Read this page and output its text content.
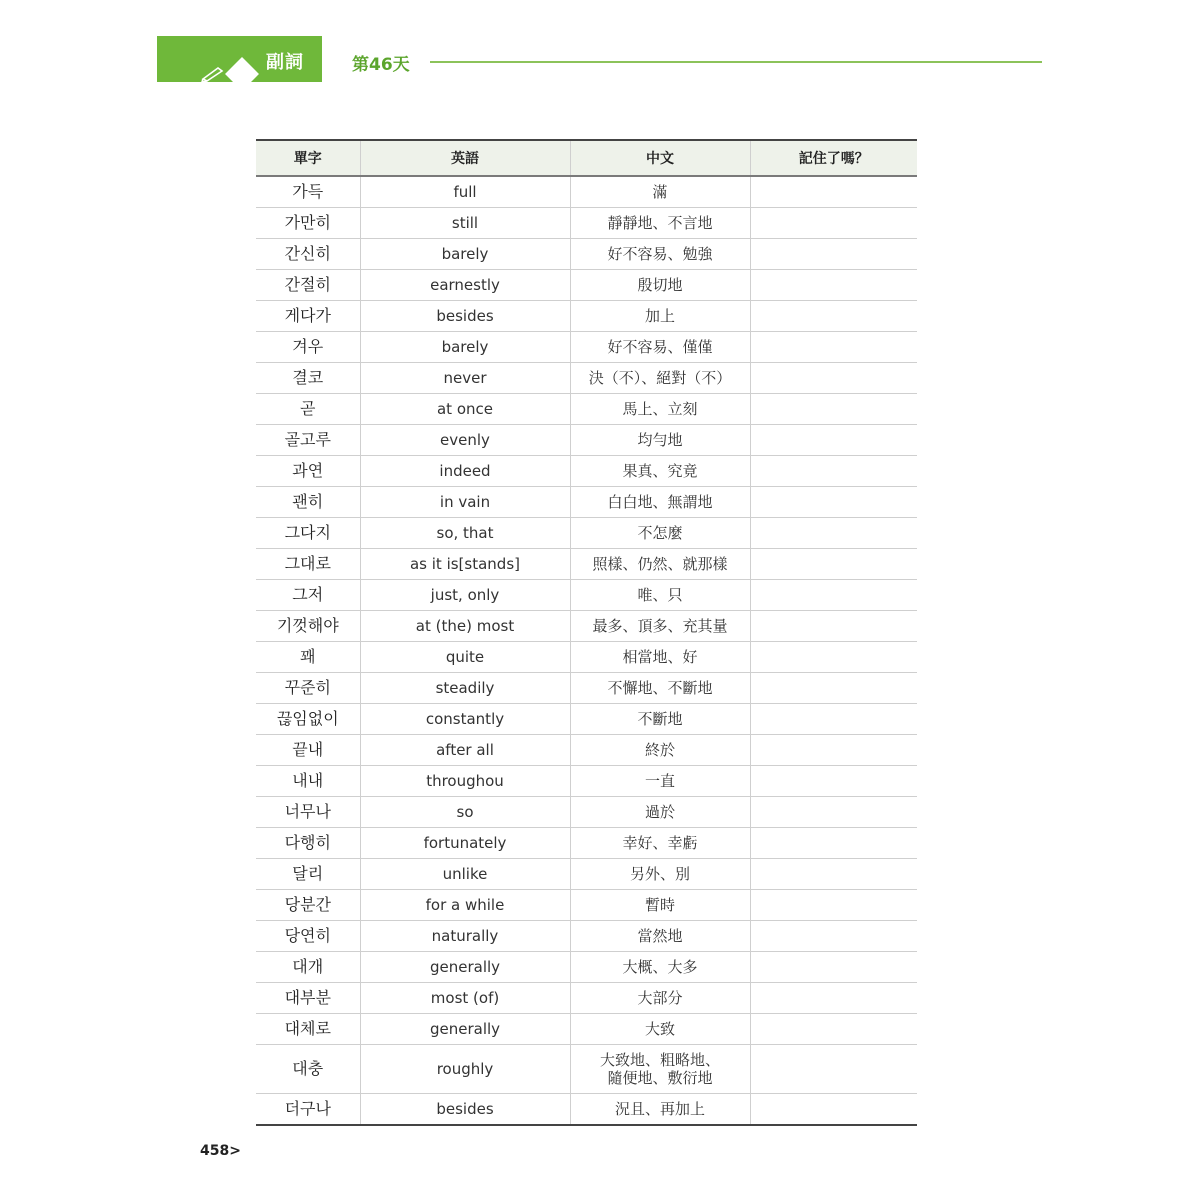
副詞	第46天
單字	英語	中文	記住了嗎？
가득	full	滿	
가만히	still	靜靜地、不言地	
간신히	barely	好不容易、勉強	
간절히	earnestly	殷切地	
게다가	besides	加上	
겨우	barely	好不容易、僅僅	
결코	never	決（不）、絕對（不）	
곧	at once	馬上、立刻	
골고루	evenly	均勻地	
과연	indeed	果真、究竟	
괜히	in vain	白白地、無謂地	
그다지	so, that	不怎麼	
그대로	as it is[stands]	照樣、仍然、就那樣	
그저	just, only	唯、只	
기껏해야	at (the) most	最多、頂多、充其量	
꽤	quite	相當地、好	
꾸준히	steadily	不懈地、不斷地	
끊임없이	constantly	不斷地	
끝내	after all	終於	
내내	throughou	一直	
너무나	so	過於	
다행히	fortunately	幸好、幸虧	
달리	unlike	另外、別	
당분간	for a while	暫時	
당연히	naturally	當然地	
대개	generally	大概、大多	
대부분	most (of)	大部分	
대체로	generally	大致	
대충	roughly	大致地、粗略地、
隨便地、敷衍地	
더구나	besides	況且、再加上	
458>
